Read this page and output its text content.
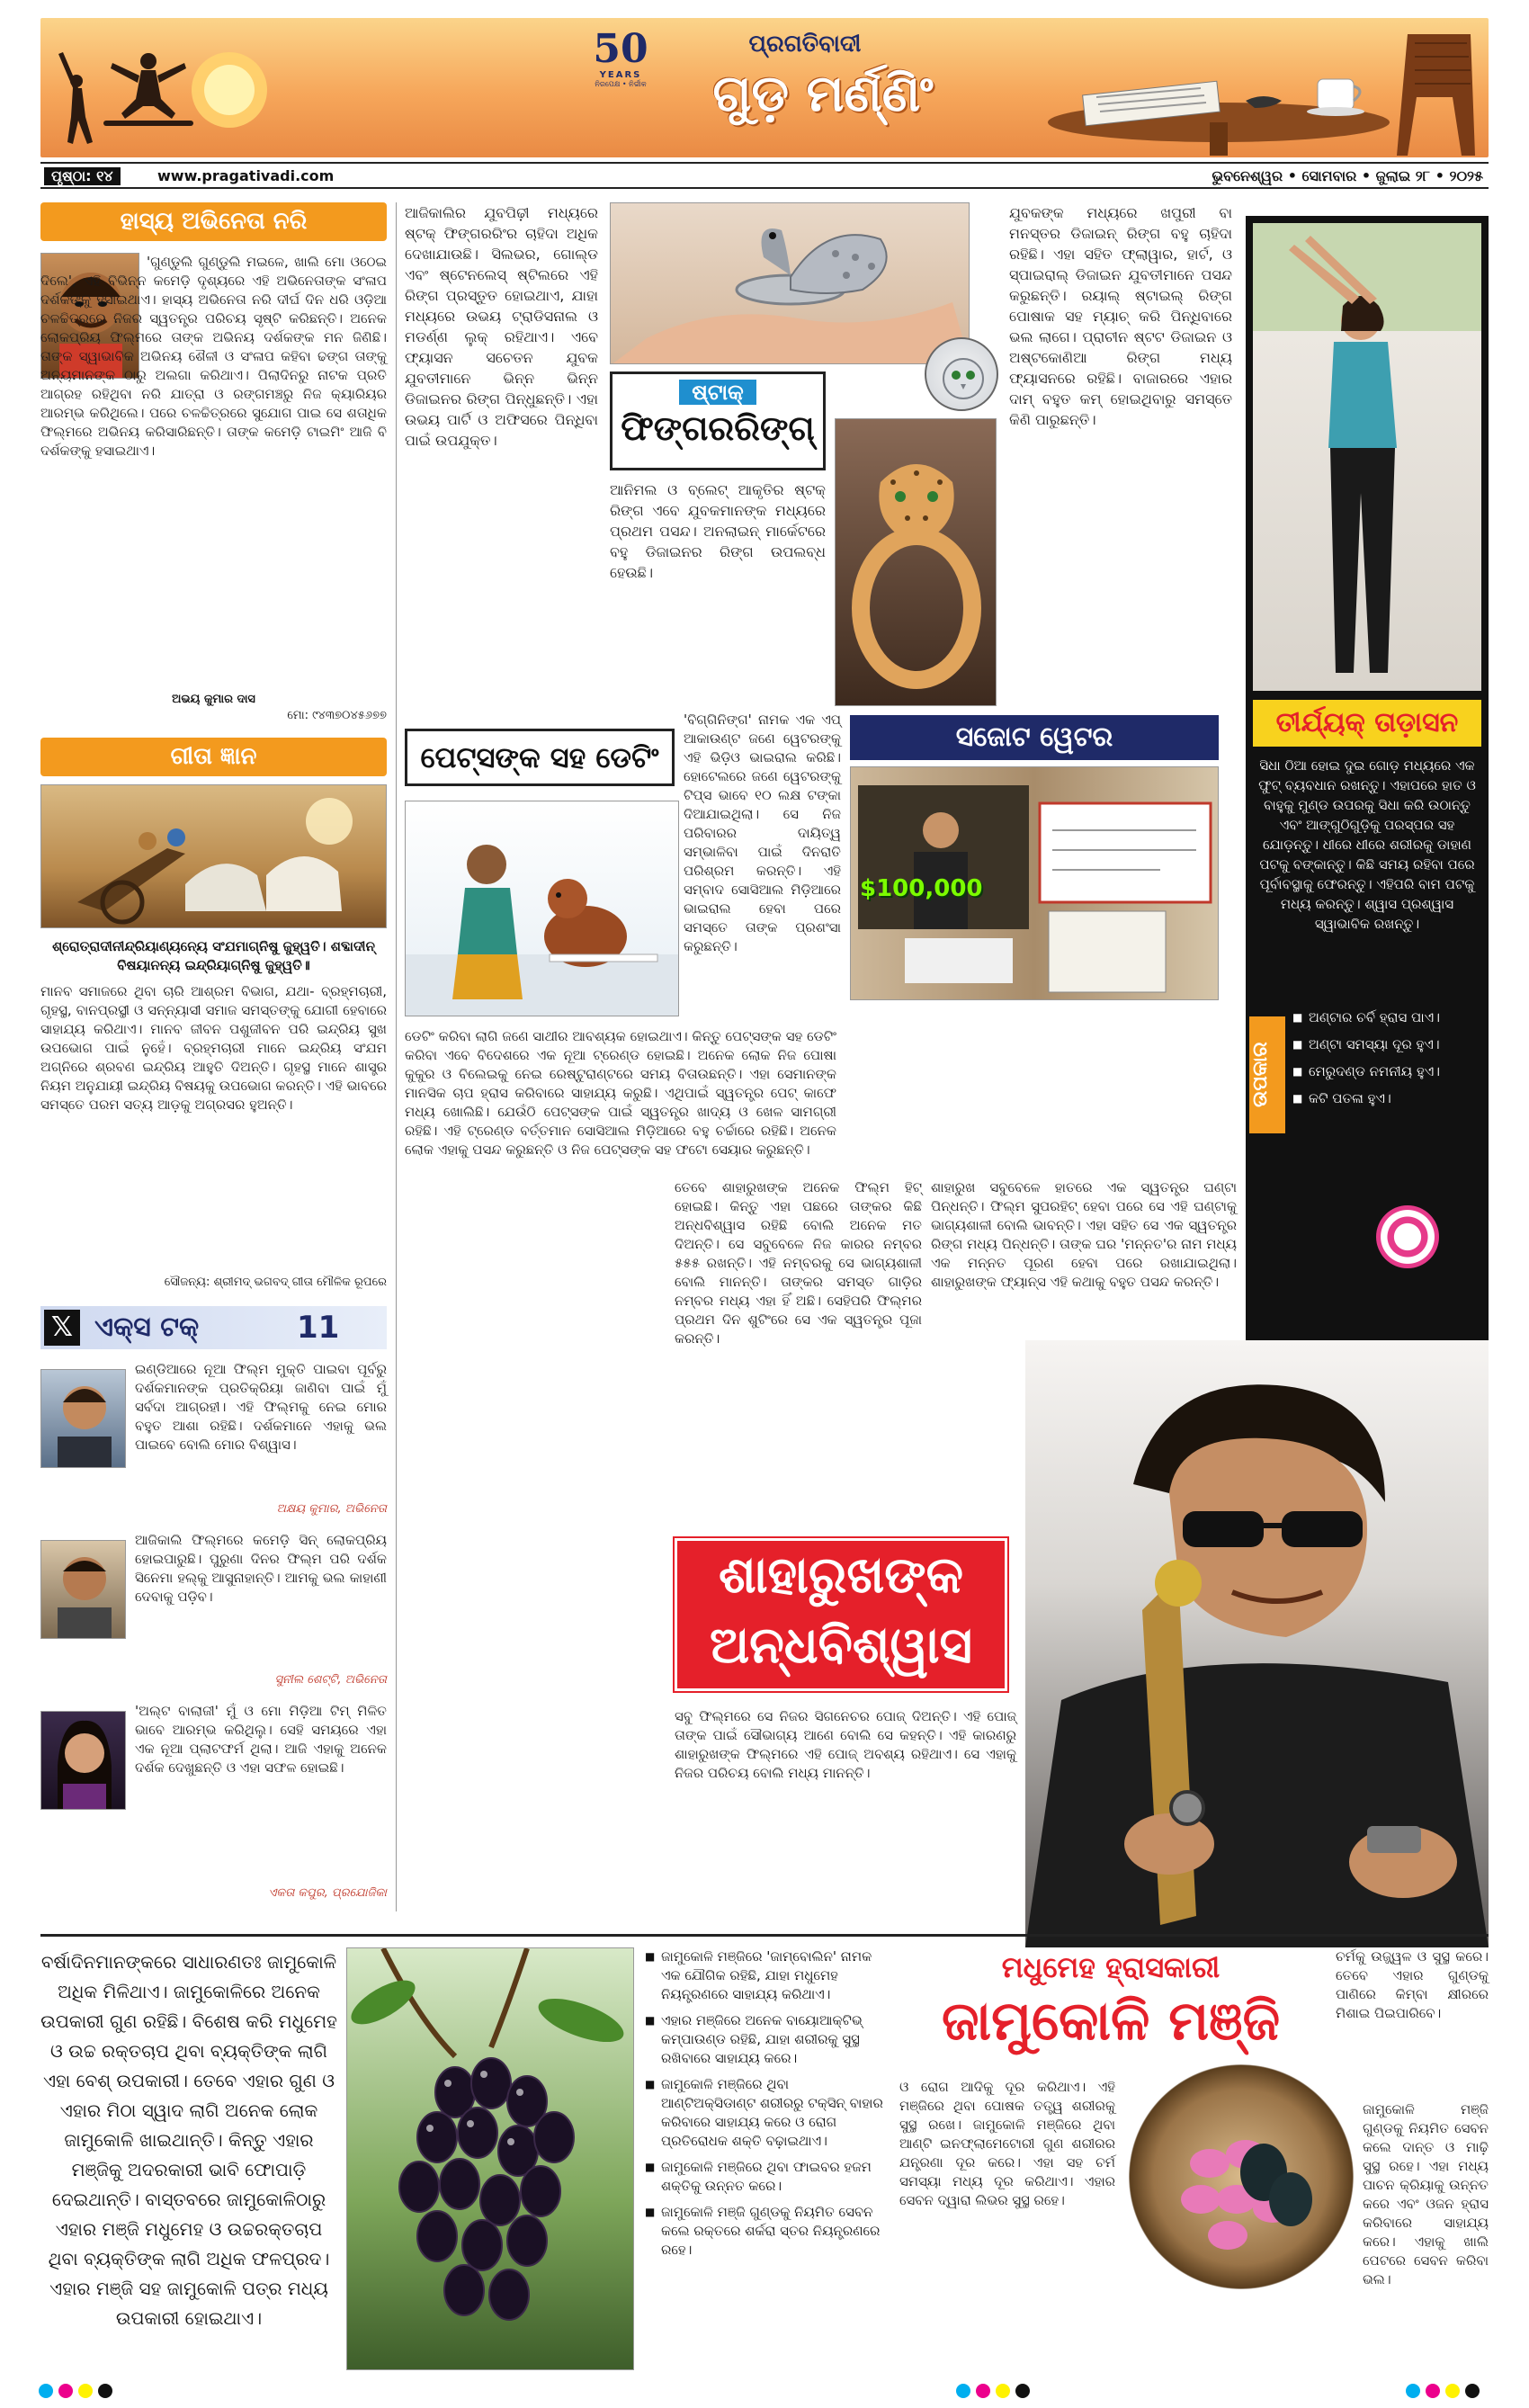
50
YEARS
ନିରପେକ୍ଷ • ନିର୍ଭୀକ
ପ୍ରଗତିବାଦୀ
ଗୁଡ଼ ମର୍ଣ୍ଣିଂ
ପୃଷ୍ଠା: ୧୪	www.pragativadi.com	ଭୁବନେଶ୍ୱର • ସୋମବାର • ଜୁଲାଇ ୨୮ • ୨୦୨୫
ହାସ୍ୟ ଅଭିନେତା ନରି
'ଗୁଣ୍ଡୁଲି ଗୁଣ୍ଡୁଲି ମଇଳେ, ଖାଲି ମୋ ଓଠେଇ ଦିଲେ', ଏହି ବିଭିନ୍ନ କମେଡ଼ି ଦୃଶ୍ୟରେ ଏହି ଅଭିନେତାଙ୍କ ସଂଳାପ ଦର୍ଶକଙ୍କୁ ହସାଇଥାଏ। ହାସ୍ୟ ଅଭିନେତା ନରି ଦୀର୍ଘ ଦିନ ଧରି ଓଡ଼ିଆ ଚଳଚ୍ଚିତ୍ରରେ ନିଜର ସ୍ୱତନ୍ତ୍ର ପରିଚୟ ସୃଷ୍ଟି କରିଛନ୍ତି। ଅନେକ ଲୋକପ୍ରିୟ ଫିଲ୍ମରେ ତାଙ୍କ ଅଭିନୟ ଦର୍ଶକଙ୍କ ମନ ଜିଣିଛି। ତାଙ୍କ ସ୍ୱାଭାବିକ ଅଭିନୟ ଶୈଳୀ ଓ ସଂଳାପ କହିବା ଢଙ୍ଗ ତାଙ୍କୁ ଅନ୍ୟମାନଙ୍କ ଠାରୁ ଅଲଗା କରିଥାଏ। ପିଲାଦିନରୁ ନାଟକ ପ୍ରତି ଆଗ୍ରହ ରହିଥିବା ନରି ଯାତ୍ରା ଓ ରଙ୍ଗମଞ୍ଚରୁ ନିଜ କ୍ୟାରିୟର ଆରମ୍ଭ କରିଥିଲେ। ପରେ ଚଳଚ୍ଚିତ୍ରରେ ସୁଯୋଗ ପାଇ ସେ ଶତାଧିକ ଫିଲ୍ମରେ ଅଭିନୟ କରିସାରିଛନ୍ତି। ତାଙ୍କ କମେଡ଼ି ଟାଇମିଂ ଆଜି ବି ଦର୍ଶକଙ୍କୁ ହସାଇଥାଏ।
ଅଭୟ କୁମାର ଦାସ
ମୋ: ୯୪୩୭୦୪୫୬୭୭
ଗୀତା ଜ୍ଞାନ
ଶ୍ରୋତ୍ରାଦୀନୀନ୍ଦ୍ରିୟାଣ୍ୟନ୍ୟେ ସଂଯମାଗ୍ନିଷୁ ଜୁହ୍ୱତି। ଶବ୍ଦାଦୀନ୍ ବିଷୟାନନ୍ୟ ଇନ୍ଦ୍ରିୟାଗ୍ନିଷୁ ଜୁହ୍ୱତି॥
ମାନବ ସମାଜରେ ଥିବା ଚାରି ଆଶ୍ରମ ବିଭାଗ, ଯଥା- ବ୍ରହ୍ମଚାରୀ, ଗୃହସ୍ଥ, ବାନପ୍ରସ୍ଥୀ ଓ ସନ୍ନ୍ୟାସୀ ସମାଜ ସମସ୍ତଙ୍କୁ ଯୋଗୀ ହେବାରେ ସାହାଯ୍ୟ କରିଥାଏ। ମାନବ ଜୀବନ ପଶୁଜୀବନ ପରି ଇନ୍ଦ୍ରିୟ ସୁଖ ଉପଭୋଗ ପାଇଁ ନୁହେଁ। ବ୍ରହ୍ମଚାରୀ ମାନେ ଇନ୍ଦ୍ରିୟ ସଂଯମ ଅଗ୍ନିରେ ଶ୍ରବଣ ଇନ୍ଦ୍ରିୟ ଆହୁତି ଦିଅନ୍ତି। ଗୃହସ୍ଥ ମାନେ ଶାସ୍ତ୍ର ନିୟମ ଅନୁଯାୟୀ ଇନ୍ଦ୍ରିୟ ବିଷୟକୁ ଉପଭୋଗ କରନ୍ତି। ଏହି ଭାବରେ ସମସ୍ତେ ପରମ ସତ୍ୟ ଆଡ଼କୁ ଅଗ୍ରସର ହୁଅନ୍ତି।
ସୌଜନ୍ୟ: ଶ୍ରୀମଦ୍ ଭଗବଦ୍ ଗୀତା ମୌଳିକ ରୂପରେ
𝕏 ଏକ୍ସ ଟକ୍	11
ଇଣ୍ଡିଆରେ ନୂଆ ଫିଲ୍ମ ମୁକ୍ତି ପାଇବା ପୂର୍ବରୁ ଦର୍ଶକମାନଙ୍କ ପ୍ରତିକ୍ରିୟା ଜାଣିବା ପାଇଁ ମୁଁ ସର୍ବଦା ଆଗ୍ରହୀ। ଏହି ଫିଲ୍ମକୁ ନେଇ ମୋର ବହୁତ ଆଶା ରହିଛି। ଦର୍ଶକମାନେ ଏହାକୁ ଭଲ ପାଇବେ ବୋଲି ମୋର ବିଶ୍ୱାସ।
ଅକ୍ଷୟ କୁମାର, ଅଭିନେତା
ଆଜିକାଲି ଫିଲ୍ମରେ କମେଡ଼ି ସିନ୍ ଲୋକପ୍ରିୟ ହୋଇପାରୁଛି। ପୁରୁଣା ଦିନର ଫିଲ୍ମ ପରି ଦର୍ଶକ ସିନେମା ହଲ୍‌କୁ ଆସୁନାହାନ୍ତି। ଆମକୁ ଭଲ କାହାଣୀ ଦେବାକୁ ପଡ଼ିବ।
ସୁନୀଲ ଶେଟ୍ଟି, ଅଭିନେତା
'ଅଲ୍ଟ ବାଲାଜୀ' ମୁଁ ଓ ମୋ ମିଡ଼ିଆ ଟିମ୍ ମିଳିତ ଭାବେ ଆରମ୍ଭ କରିଥିଲୁ। ସେହି ସମୟରେ ଏହା ଏକ ନୂଆ ପ୍ଲାଟଫର୍ମ ଥିଲା। ଆଜି ଏହାକୁ ଅନେକ ଦର୍ଶକ ଦେଖୁଛନ୍ତି ଓ ଏହା ସଫଳ ହୋଇଛି।
ଏକତା କପୁର, ପ୍ରଯୋଜିକା
ଆଜିକାଲିର ଯୁବପିଢ଼ୀ ମଧ୍ୟରେ ଷ୍ଟକ୍ ଫିଙ୍ଗରରିଂର ଚାହିଦା ଅଧିକ ଦେଖାଯାଉଛି। ସିଲଭର, ଗୋଲ୍ଡ ଏବଂ ଷ୍ଟେନଲେସ୍ ଷ୍ଟିଲରେ ଏହି ରିଙ୍ଗ ପ୍ରସ୍ତୁତ ହୋଇଥାଏ, ଯାହା ମଧ୍ୟରେ ଉଭୟ ଟ୍ରାଡିସନାଲ ଓ ମଡର୍ଣ୍ଣ ଲୁକ୍ ରହିଥାଏ। ଏବେ ଫ୍ୟାସନ ସଚେତନ ଯୁବକ ଯୁବତୀମାନେ ଭିନ୍ନ ଭିନ୍ନ ଡିଜାଇନର ରିଙ୍ଗ ପିନ୍ଧୁଛନ୍ତି। ଏହା ଉଭୟ ପାର୍ଟି ଓ ଅଫିସରେ ପିନ୍ଧିବା ପାଇଁ ଉପଯୁକ୍ତ।
ଷ୍ଟାକ୍
ଫିଙ୍ଗରରିଙ୍ଗ୍
ଆନିମଲ ଓ ବ୍ଲେଟ୍ ଆକୃତିର ଷ୍ଟକ୍ ରିଙ୍ଗ ଏବେ ଯୁବକମାନଙ୍କ ମଧ୍ୟରେ ପ୍ରଥମ ପସନ୍ଦ। ଅନଲାଇନ୍ ମାର୍କେଟରେ ବହୁ ଡିଜାଇନର ରିଙ୍ଗ ଉପଲବ୍ଧ ହେଉଛି।
ଯୁବକଙ୍କ ମଧ୍ୟରେ ଖପୁରୀ ବା ମନସ୍ତର ଡିଜାଇନ୍ ରିଙ୍ଗ ବହୁ ଚାହିଦା ରହିଛି। ଏହା ସହିତ ଫ୍ଲାୱାର, ହାର୍ଟ, ଓ ସ୍ପାଇରାଲ୍ ଡିଜାଇନ ଯୁବତୀମାନେ ପସନ୍ଦ କରୁଛନ୍ତି। ରୟାଲ୍ ଷ୍ଟାଇଲ୍ ରିଙ୍ଗ ପୋଷାକ ସହ ମ୍ୟାଚ୍ କରି ପିନ୍ଧିବାରେ ଭଲ ଲାଗେ। ପ୍ରାଚୀନ ଷ୍ଟଟ ଡିଜାଇନ ଓ ଅଷ୍ଟକୋଣିଆ ରିଙ୍ଗ ମଧ୍ୟ ଫ୍ୟାସନରେ ରହିଛି। ବାଜାରରେ ଏହାର ଦାମ୍ ବହୁତ କମ୍ ହୋଇଥିବାରୁ ସମସ୍ତେ କିଣି ପାରୁଛନ୍ତି।
ତୀର୍ଯ୍ୟକ୍ ତାଡ଼ାସନ
ସିଧା ଠିଆ ହୋଇ ଦୁଇ ଗୋଡ଼ ମଧ୍ୟରେ ଏକ ଫୁଟ୍ ବ୍ୟବଧାନ ରଖନ୍ତୁ। ଏହାପରେ ହାତ ଓ ବାହୁକୁ ମୁଣ୍ଡ ଉପରକୁ ସିଧା କରି ଉଠାନ୍ତୁ ଏବଂ ଆଙ୍ଗୁଠିଗୁଡ଼ିକୁ ପରସ୍ପର ସହ ଯୋଡ଼ନ୍ତୁ। ଧୀରେ ଧୀରେ ଶରୀରକୁ ଡାହାଣ ପଟକୁ ବଙ୍କାନ୍ତୁ। କିଛି ସମୟ ରହିବା ପରେ ପୂର୍ବାବସ୍ଥାକୁ ଫେରନ୍ତୁ। ଏହିପରି ବାମ ପଟକୁ ମଧ୍ୟ କରନ୍ତୁ। ଶ୍ୱାସ ପ୍ରଶ୍ୱାସ ସ୍ୱାଭାବିକ ରଖନ୍ତୁ।
ଉପକାର
■ ଅଣ୍ଟାର ଚର୍ବି ହ୍ରାସ ପାଏ।
■ ଅଣ୍ଟା ସମସ୍ୟା ଦୂର ହୁଏ।
■ ମେରୁଦଣ୍ଡ ନମନୀୟ ହୁଏ।
■ କଟି ପତଳା ହୁଏ।
ପେଟ୍ସଙ୍କ ସହ ଡେଟିଂ
ଡେଟିଂ କରିବା ଲାଗି ଜଣେ ସାଥୀର ଆବଶ୍ୟକ ହୋଇଥାଏ। କିନ୍ତୁ ପେଟ୍ସଙ୍କ ସହ ଡେଟିଂ କରିବା ଏବେ ବିଦେଶରେ ଏକ ନୂଆ ଟ୍ରେଣ୍ଡ ହୋଇଛି। ଅନେକ ଲୋକ ନିଜ ପୋଷା କୁକୁର ଓ ବିଲେଇକୁ ନେଇ ରେଷ୍ଟୁରାଣ୍ଟରେ ସମୟ ବିତାଉଛନ୍ତି। ଏହା ସେମାନଙ୍କ ମାନସିକ ଚାପ ହ୍ରାସ କରିବାରେ ସାହାଯ୍ୟ କରୁଛି। ଏଥିପାଇଁ ସ୍ୱତନ୍ତ୍ର ପେଟ୍ କାଫେ ମଧ୍ୟ ଖୋଲିଛି। ଯେଉଁଠି ପେଟ୍ସଙ୍କ ପାଇଁ ସ୍ୱତନ୍ତ୍ର ଖାଦ୍ୟ ଓ ଖେଳ ସାମଗ୍ରୀ ରହିଛି। ଏହି ଟ୍ରେଣ୍ଡ ବର୍ତ୍ତମାନ ସୋସିଆଲ ମିଡ଼ିଆରେ ବହୁ ଚର୍ଚ୍ଚାରେ ରହିଛି। ଅନେକ ଲୋକ ଏହାକୁ ପସନ୍ଦ କରୁଛନ୍ତି ଓ ନିଜ ପେଟ୍ସଙ୍କ ସହ ଫଟୋ ସେୟାର କରୁଛନ୍ତି।
'ବିଗ୍ଗିନିଙ୍ଗ' ନାମକ ଏକ ଏପ୍ ଆକାଉଣ୍ଟ ଜଣେ ୱେଟରଙ୍କୁ ଏହି ଭିଡ଼ିଓ ଭାଇରାଲ କରିଛି। ହୋଟେଲରେ ଜଣେ ୱେଟରଙ୍କୁ ଟିପ୍ସ ଭାବେ ୧୦ ଲକ୍ଷ ଟଙ୍କା ଦିଆଯାଇଥିଲା। ସେ ନିଜ ପରିବାରର ଦାୟିତ୍ୱ ସମ୍ଭାଳିବା ପାଇଁ ଦିନରାତି ପରିଶ୍ରମ କରନ୍ତି। ଏହି ସମ୍ବାଦ ସୋସିଆଲ ମିଡ଼ିଆରେ ଭାଇରାଲ ହେବା ପରେ ସମସ୍ତେ ତାଙ୍କ ପ୍ରଶଂସା କରୁଛନ୍ତି।
ସଜୋଟ ୱେଟର
$100,000
ତେବେ ଶାହାରୁଖଙ୍କ ଅନେକ ଫିଲ୍ମ ହିଟ୍ ହୋଇଛି। କିନ୍ତୁ ଏହା ପଛରେ ତାଙ୍କର କିଛି ଅନ୍ଧବିଶ୍ୱାସ ରହିଛି ବୋଲି ଅନେକ ମତ ଦିଅନ୍ତି। ସେ ସବୁବେଳେ ନିଜ କାରର ନମ୍ବର ୫୫୫ ରଖନ୍ତି। ଏହି ନମ୍ବରକୁ ସେ ଭାଗ୍ୟଶାଳୀ ବୋଲି ମାନନ୍ତି। ତାଙ୍କର ସମସ୍ତ ଗାଡ଼ିର ନମ୍ବର ମଧ୍ୟ ଏହା ହିଁ ଅଛି। ସେହିପରି ଫିଲ୍ମର ପ୍ରଥମ ଦିନ ଶୁଟିଂରେ ସେ ଏକ ସ୍ୱତନ୍ତ୍ର ପୂଜା କରନ୍ତି।
ଶାହାରୁଖ ସବୁବେଳେ ହାତରେ ଏକ ସ୍ୱତନ୍ତ୍ର ଘଣ୍ଟା ପିନ୍ଧନ୍ତି। ଫିଲ୍ମ ସୁପରହିଟ୍ ହେବା ପରେ ସେ ଏହି ଘଣ୍ଟାକୁ ଭାଗ୍ୟଶାଳୀ ବୋଲି ଭାବନ୍ତି। ଏହା ସହିତ ସେ ଏକ ସ୍ୱତନ୍ତ୍ର ରିଙ୍ଗ ମଧ୍ୟ ପିନ୍ଧନ୍ତି। ତାଙ୍କ ଘର 'ମନ୍ନତ'ର ନାମ ମଧ୍ୟ ଏକ ମନ୍ନତ ପୂରଣ ହେବା ପରେ ରଖାଯାଇଥିଲା। ଶାହାରୁଖଙ୍କ ଫ୍ୟାନ୍ସ ଏହି କଥାକୁ ବହୁତ ପସନ୍ଦ କରନ୍ତି।
ଶାହାରୁଖଙ୍କ
ଅନ୍ଧବିଶ୍ୱାସ
ସବୁ ଫିଲ୍ମରେ ସେ ନିଜର ସିଗନେଚର ପୋଜ୍ ଦିଅନ୍ତି। ଏହି ପୋଜ୍ ତାଙ୍କ ପାଇଁ ସୌଭାଗ୍ୟ ଆଣେ ବୋଲି ସେ କହନ୍ତି। ଏହି କାରଣରୁ ଶାହାରୁଖଙ୍କ ଫିଲ୍ମରେ ଏହି ପୋଜ୍ ଅବଶ୍ୟ ରହିଥାଏ। ସେ ଏହାକୁ ନିଜର ପରିଚୟ ବୋଲି ମଧ୍ୟ ମାନନ୍ତି।
ବର୍ଷାଦିନମାନଙ୍କରେ ସାଧାରଣତଃ ଜାମୁକୋଳି ଅଧିକ ମିଳିଥାଏ। ଜାମୁକୋଳିରେ ଅନେକ ଉପକାରୀ ଗୁଣ ରହିଛି। ବିଶେଷ କରି ମଧୁମେହ ଓ ଉଚ୍ଚ ରକ୍ତଚାପ ଥିବା ବ୍ୟକ୍ତିଙ୍କ ଲାଗି ଏହା ବେଶ୍ ଉପକାରୀ। ତେବେ ଏହାର ଗୁଣ ଓ ଏହାର ମିଠା ସ୍ୱାଦ ଲାଗି ଅନେକ ଲୋକ ଜାମୁକୋଳି ଖାଇଥାନ୍ତି। କିନ୍ତୁ ଏହାର ମଞ୍ଜିକୁ ଅଦରକାରୀ ଭାବି ଫୋପାଡ଼ି ଦେଇଥାନ୍ତି। ବାସ୍ତବରେ ଜାମୁକୋଳିଠାରୁ ଏହାର ମଞ୍ଜି ମଧୁମେହ ଓ ଉଚ୍ଚରକ୍ତଚାପ ଥିବା ବ୍ୟକ୍ତିଙ୍କ ଲାଗି ଅଧିକ ଫଳପ୍ରଦ। ଏହାର ମଞ୍ଜି ସହ ଜାମୁକୋଳି ପତ୍ର ମଧ୍ୟ ଉପକାରୀ ହୋଇଥାଏ।
■ ଜାମୁକୋଳି ମଞ୍ଜିରେ 'ଜାମ୍ବୋଲିନ' ନାମକ ଏକ ଯୌଗିକ ରହିଛି, ଯାହା ମଧୁମେହ ନିୟନ୍ତ୍ରଣରେ ସାହାଯ୍ୟ କରିଥାଏ।
■ ଏହାର ମଞ୍ଜିରେ ଅନେକ ବାୟୋଆକ୍ଟିଭ୍ କମ୍ପାଉଣ୍ଡ ରହିଛି, ଯାହା ଶରୀରକୁ ସୁସ୍ଥ ରଖିବାରେ ସାହାଯ୍ୟ କରେ।
■ ଜାମୁକୋଳି ମଞ୍ଜିରେ ଥିବା ଆଣ୍ଟିଅକ୍ସିଡାଣ୍ଟ ଶରୀରରୁ ଟକ୍ସିନ୍ ବାହାର କରିବାରେ ସାହାଯ୍ୟ କରେ ଓ ରୋଗ ପ୍ରତିରୋଧକ ଶକ୍ତି ବଢ଼ାଇଥାଏ।
■ ଜାମୁକୋଳି ମଞ୍ଜିରେ ଥିବା ଫାଇବର ହଜମ ଶକ୍ତିକୁ ଉନ୍ନତ କରେ।
■ ଜାମୁକୋଳି ମଞ୍ଜି ଗୁଣ୍ଡକୁ ନିୟମିତ ସେବନ କଲେ ରକ୍ତରେ ଶର୍କରା ସ୍ତର ନିୟନ୍ତ୍ରଣରେ ରହେ।
ମଧୁମେହ ହ୍ରାସକାରୀ
ଜାମୁକୋଳି ମଞ୍ଜି
ଓ ରୋଗ ଆଦିକୁ ଦୂର କରିଥାଏ। ଏହି ମଞ୍ଜିରେ ଥିବା ପୋଷକ ତତ୍ତ୍ୱ ଶରୀରକୁ ସୁସ୍ଥ ରଖେ। ଜାମୁକୋଳି ମଞ୍ଜିରେ ଥିବା ଆଣ୍ଟି ଇନଫ୍ଲାମେଟୋରୀ ଗୁଣ ଶରୀରର ଯନ୍ତ୍ରଣା ଦୂର କରେ। ଏହା ସହ ଚର୍ମ ସମସ୍ୟା ମଧ୍ୟ ଦୂର କରିଥାଏ। ଏହାର ସେବନ ଦ୍ୱାରା ଲିଭର ସୁସ୍ଥ ରହେ।
ଚର୍ମକୁ ଉଜ୍ଜ୍ୱଳ ଓ ସୁସ୍ଥ କରେ। ତେବେ ଏହାର ଗୁଣ୍ଡକୁ ପାଣିରେ କିମ୍ବା କ୍ଷୀରରେ ମିଶାଇ ପିଇପାରିବେ।
ଜାମୁକୋଳି ମଞ୍ଜି ଗୁଣ୍ଡକୁ ନିୟମିତ ସେବନ କଲେ ଦାନ୍ତ ଓ ମାଢ଼ି ସୁସ୍ଥ ରହେ। ଏହା ମଧ୍ୟ ପାଚନ କ୍ରିୟାକୁ ଉନ୍ନତ କରେ ଏବଂ ଓଜନ ହ୍ରାସ କରିବାରେ ସାହାଯ୍ୟ କରେ। ଏହାକୁ ଖାଲି ପେଟରେ ସେବନ କରିବା ଭଲ।
